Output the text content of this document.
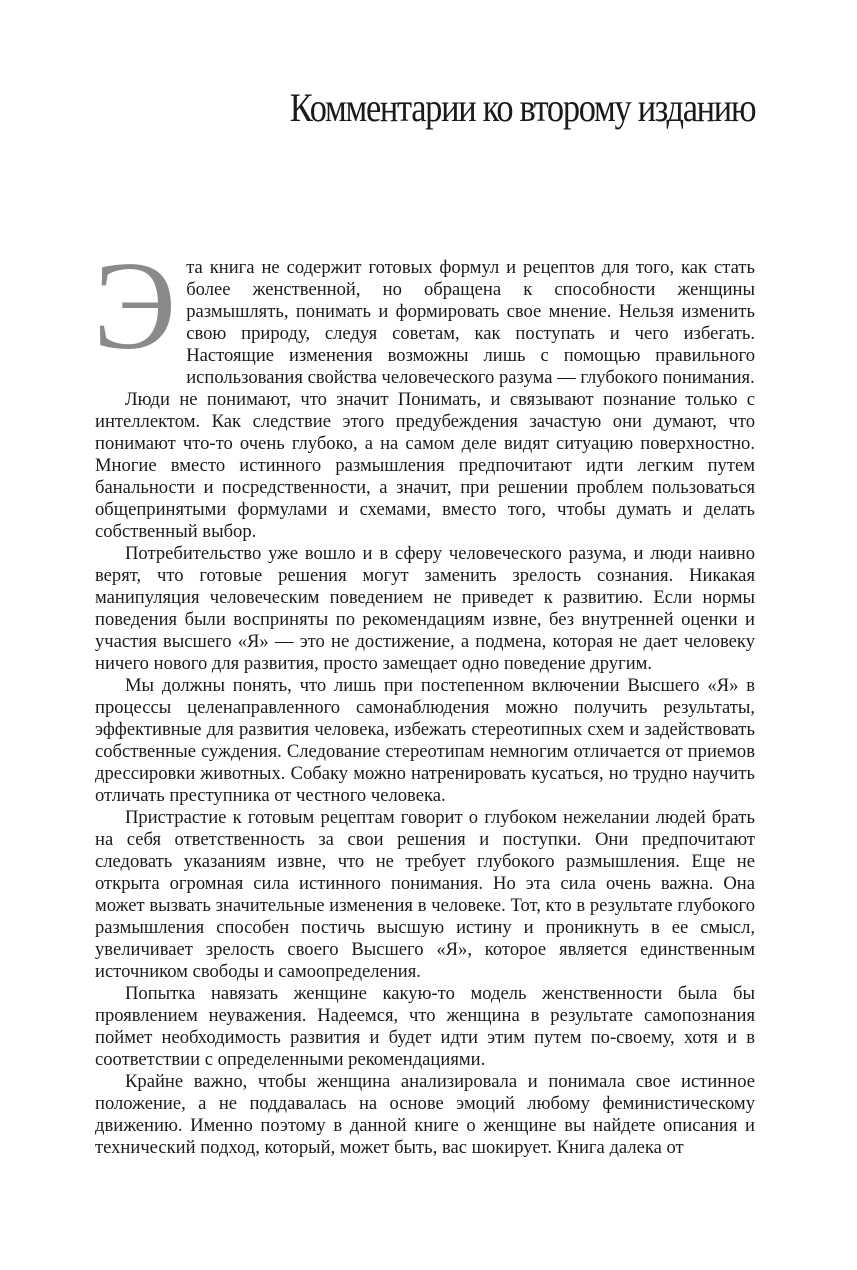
Комментарии ко второму изданию

Эта книга не содержит готовых формул и рецептов для того, как стать более женственной, но обращена к способности женщины размышлять, понимать и формировать свое мнение. Нельзя изменить свою природу, следуя советам, как поступать и чего избегать. Настоящие изменения возможны лишь с помощью правильного использования свойства человеческого разума — глубокого понимания.

Люди не понимают, что значит Понимать, и связывают познание только с интеллектом. Как следствие этого предубеждения зачастую они думают, что понимают что-то очень глубоко, а на самом деле видят ситуацию поверхностно. Многие вместо истинного размышления предпочитают идти легким путем банальности и посредственности, а значит, при решении проблем пользоваться общепринятыми формулами и схемами, вместо того, чтобы думать и делать собственный выбор.

Потребительство уже вошло и в сферу человеческого разума, и люди наивно верят, что готовые решения могут заменить зрелость сознания. Никакая манипуляция человеческим поведением не приведет к развитию. Если нормы поведения были восприняты по рекомендациям извне, без внутренней оценки и участия высшего «Я» — это не достижение, а подмена, которая не дает человеку ничего нового для развития, просто замещает одно поведение другим.

Мы должны понять, что лишь при постепенном включении Высшего «Я» в процессы целенаправленного самонаблюдения можно получить результаты, эффективные для развития человека, избежать стереотипных схем и задействовать собственные суждения. Следование стереотипам немногим отличается от приемов дрессировки животных. Собаку можно натренировать кусаться, но трудно научить отличать преступника от честного человека.

Пристрастие к готовым рецептам говорит о глубоком нежелании людей брать на себя ответственность за свои решения и поступки. Они предпочитают следовать указаниям извне, что не требует глубокого размышления. Еще не открыта огромная сила истинного понимания. Но эта сила очень важна. Она может вызвать значительные изменения в человеке. Тот, кто в результате глубокого размышления способен постичь высшую истину и проникнуть в ее смысл, увеличивает зрелость своего Высшего «Я», которое является единственным источником свободы и самоопределения.

Попытка навязать женщине какую-то модель женственности была бы проявлением неуважения. Надеемся, что женщина в результате самопознания поймет необходимость развития и будет идти этим путем по-своему, хотя и в соответствии с определенными рекомендациями.

Крайне важно, чтобы женщина анализировала и понимала свое истинное положение, а не поддавалась на основе эмоций любому феминистическому движению. Именно поэтому в данной книге о женщине вы найдете описания и технический подход, который, может быть, вас шокирует. Книга далека от
